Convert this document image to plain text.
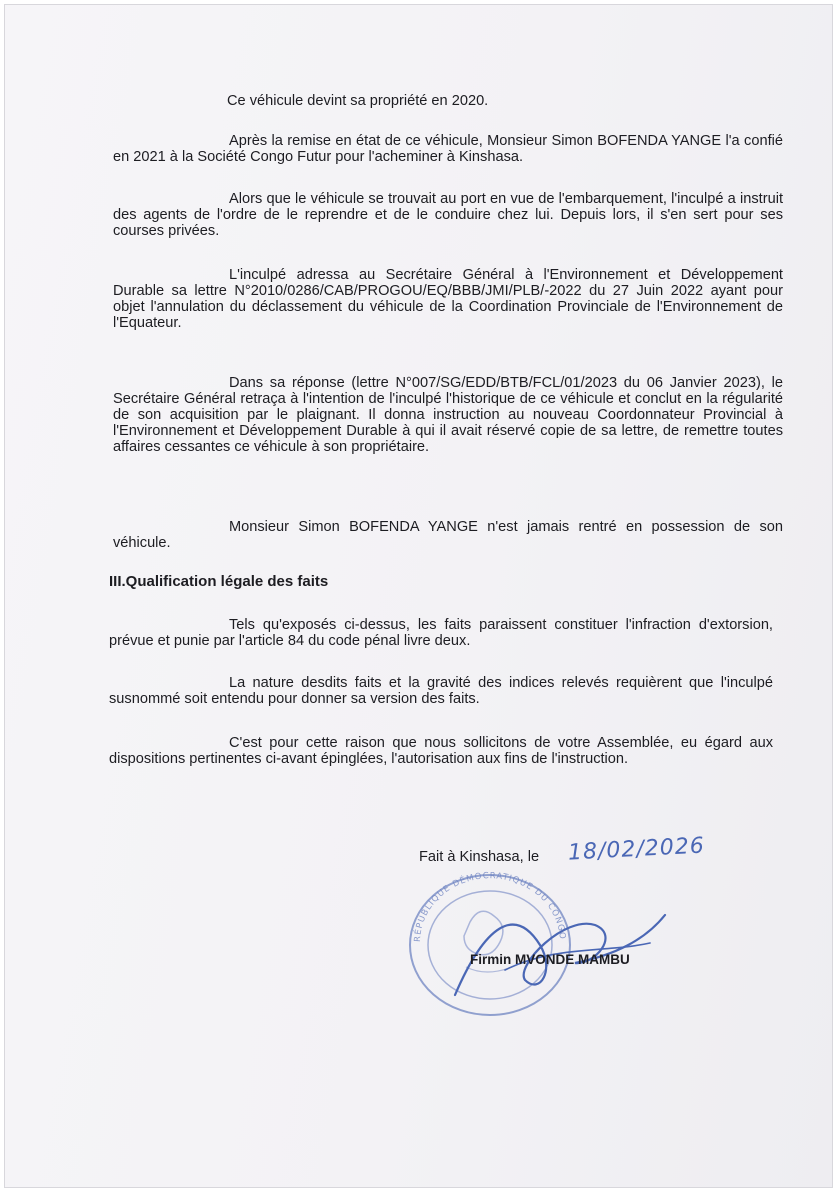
Ce véhicule devint sa propriété en 2020.

Après la remise en état de ce véhicule, Monsieur Simon BOFENDA YANGE l'a confié en 2021 à la Société Congo Futur pour l'acheminer à Kinshasa.

Alors que le véhicule se trouvait au port en vue de l'embarquement, l'inculpé a instruit des agents de l'ordre de le reprendre et de le conduire chez lui. Depuis lors, il s'en sert pour ses courses privées.

L'inculpé adressa au Secrétaire Général à l'Environnement et Développement Durable sa lettre N°2010/0286/CAB/PROGOU/EQ/BBB/JMI/PLB/-2022 du 27 Juin 2022 ayant pour objet l'annulation du déclassement du véhicule de la Coordination Provinciale de l'Environnement de l'Equateur.

Dans sa réponse (lettre N°007/SG/EDD/BTB/FCL/01/2023 du 06 Janvier 2023), le Secrétaire Général retraça à l'intention de l'inculpé l'historique de ce véhicule et conclut en la régularité de son acquisition par le plaignant. Il donna instruction au nouveau Coordonnateur Provincial à l'Environnement et Développement Durable à qui il avait réservé copie de sa lettre, de remettre toutes affaires cessantes ce véhicule à son propriétaire.

Monsieur Simon BOFENDA YANGE n'est jamais rentré en possession de son véhicule.

III.Qualification légale des faits

Tels qu'exposés ci-dessus, les faits paraissent constituer l'infraction d'extorsion, prévue et punie par l'article 84 du code pénal livre deux.

La nature desdits faits et la gravité des indices relevés requièrent que l'inculpé susnommé soit entendu pour donner sa version des faits.

C'est pour cette raison que nous sollicitons de votre Assemblée, eu égard aux dispositions pertinentes ci-avant épinglées, l'autorisation aux fins de l'instruction.

Fait à Kinshasa, le 18/02/2026
RÉPUBLIQUE DÉMOCRATIQUE DU CONGO
Firmin MVONDE MAMBU
